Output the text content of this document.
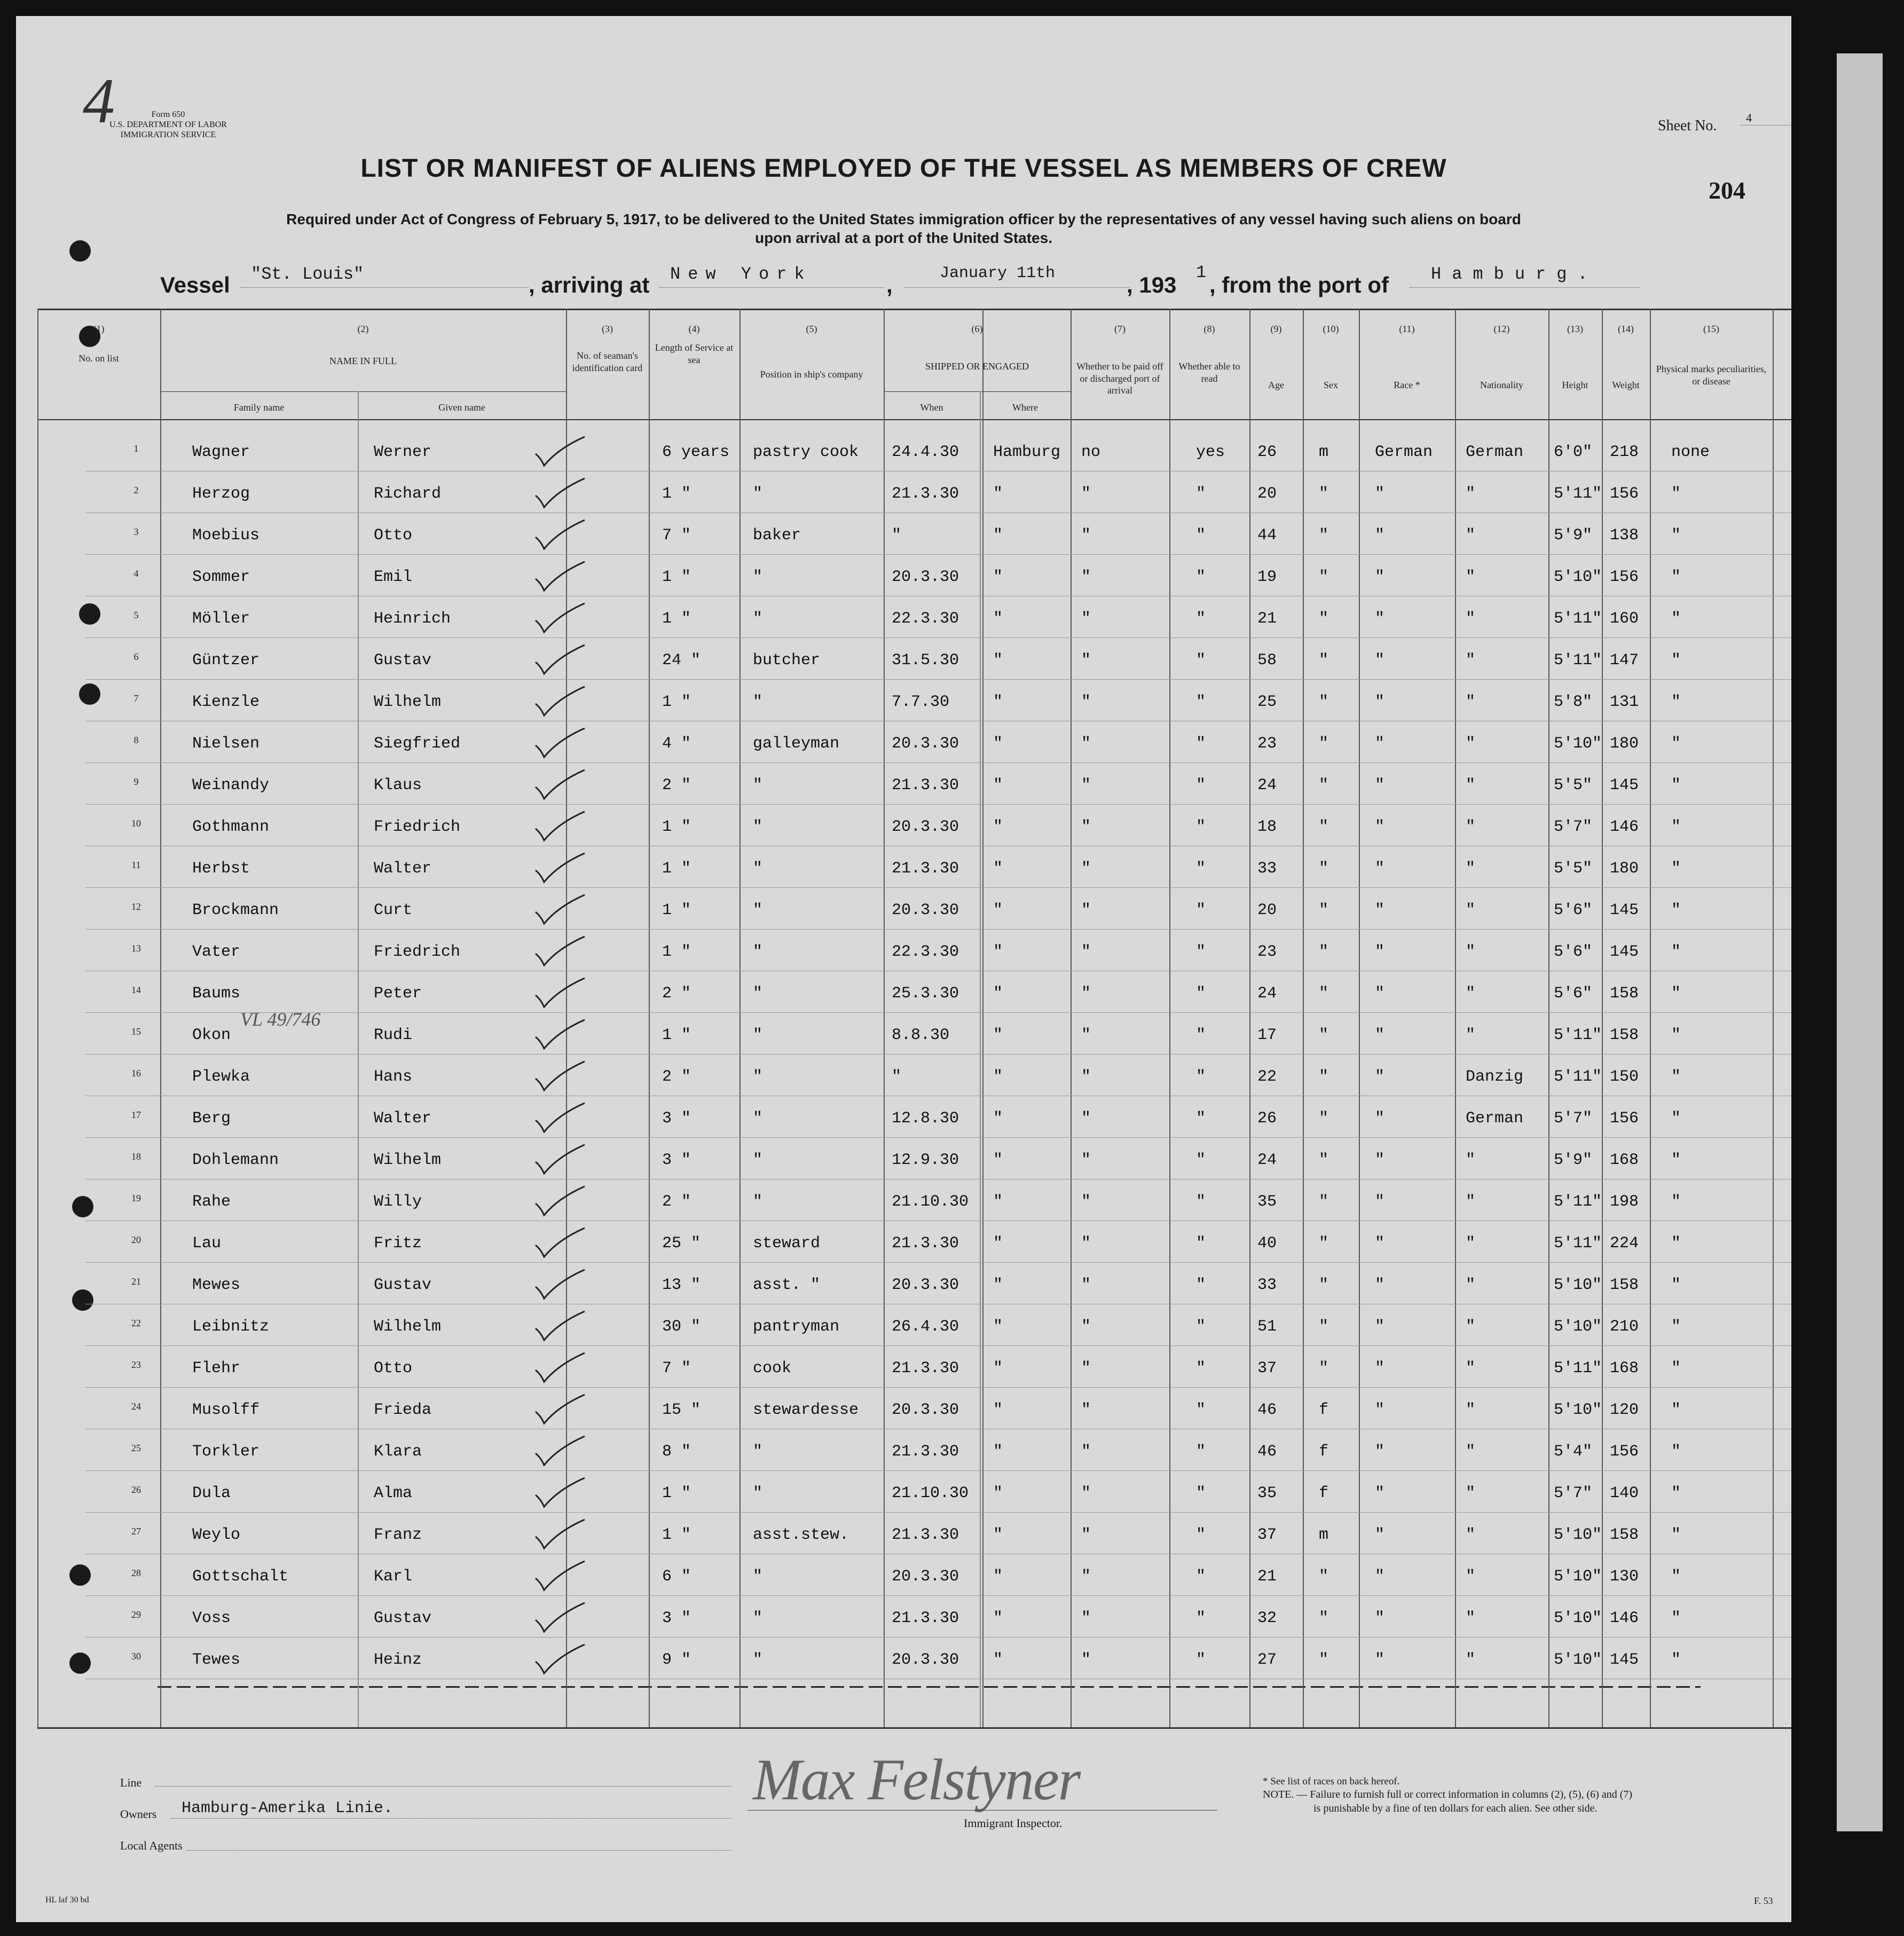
3
4	Form 650
U.S. DEPARTMENT OF LABOR
IMMIGRATION SERVICE
Sheet No.	4
204
LIST OR MANIFEST OF ALIENS EMPLOYED OF THE VESSEL AS MEMBERS OF CREW
Required under Act of Congress of February 5, 1917, to be delivered to the United States immigration officer by the representatives of any vessel having such aliens on board
upon arrival at a port of the United States.
Vessel "St. Louis"	, arriving at New York	,	January 11th	, 193 1 , from the port of Hamburg.
(1)
No. on list
(2)
NAME IN FULL
(3)
No. of seaman's identification card
(4)
Length of Service at sea
(5)
Position in ship's company
(6)
SHIPPED OR ENGAGED
(7)
Whether to be paid off or discharged port of arrival
(8)
Whether able to read
(9)
Age
(10)
Sex
(11)
Race *
(12)
Nationality
(13)
Height
(14)
Weight
(15)
Physical marks peculiarities, or disease
Family name	Given name	When	Where
1	Wagner	Werner	6 years pastry cook 24.4.30 Hamburg no	yes 26	m	German German 6'0" 218 none
2	Herzog	Richard	1 "	"	21.3.30 "	"	"	20	"	"	"	5'11" 156 "
3	Moebius	Otto	7 "	baker	"	"	"	"	44	"	"	"	5'9" 138 "
4	Sommer	Emil	1 "	"	20.3.30 "	"	"	19	"	"	"	5'10" 156 "
5	Möller	Heinrich	1 "	"	22.3.30 "	"	"	21	"	"	"	5'11" 160 "
6	Güntzer	Gustav	24 "	butcher	31.5.30 "	"	"	58	"	"	"	5'11" 147 "
7	Kienzle	Wilhelm	1 "	"	7.7.30	"	"	"	25	"	"	"	5'8" 131 "
8	Nielsen	Siegfried	4 "	galleyman	20.3.30 "	"	"	23	"	"	"	5'10" 180 "
9	Weinandy	Klaus	2 "	"	21.3.30 "	"	"	24	"	"	"	5'5" 145 "
10	Gothmann	Friedrich	1 "	"	20.3.30 "	"	"	18	"	"	"	5'7" 146 "
11	Herbst	Walter	1 "	"	21.3.30 "	"	"	33	"	"	"	5'5" 180 "
12	Brockmann	Curt	1 "	"	20.3.30 "	"	"	20	"	"	"	5'6" 145 "
13	Vater	Friedrich	1 "	"	22.3.30 "	"	"	23	"	"	"	5'6" 145 "
14	Baums	Peter	2 "	"	25.3.30 "	"	"	24	"	"	"	5'6" 158 "
15	Okon	Rudi	1 "	"	8.8.30	"	"	"	17	"	"	"	5'11" 158 "
16	Plewka	Hans	2 "	"	"	"	"	"	22	"	"	Danzig 5'11" 150 "
17	Berg	Walter	3 "	"	12.8.30 "	"	"	26	"	"	German 5'7" 156 "
18	Dohlemann	Wilhelm	3 "	"	12.9.30 "	"	"	24	"	"	"	5'9" 168 "
19	Rahe	Willy	2 "	"	21.10.30 "	"	"	35	"	"	"	5'11" 198 "
20	Lau	Fritz	25 "	steward	21.3.30 "	"	"	40	"	"	"	5'11" 224 "
21	Mewes	Gustav	13 "	asst. "	20.3.30 "	"	"	33	"	"	"	5'10" 158 "
22	Leibnitz	Wilhelm	30 "	pantryman	26.4.30 "	"	"	51	"	"	"	5'10" 210 "
23	Flehr	Otto	7 "	cook	21.3.30 "	"	"	37	"	"	"	5'11" 168 "
24	Musolff	Frieda	15 "	stewardesse 20.3.30 "	"	"	46	f	"	"	5'10" 120 "
25	Torkler	Klara	8 "	"	21.3.30 "	"	"	46	f	"	"	5'4" 156 "
26	Dula	Alma	1 "	"	21.10.30 "	"	"	35	f	"	"	5'7" 140 "
27	Weylo	Franz	1 "	asst.stew.	21.3.30 "	"	"	37	m	"	"	5'10" 158 "
28	Gottschalt	Karl	6 "	"	20.3.30 "	"	"	21	"	"	"	5'10" 130 "
29	Voss	Gustav	3 "	"	21.3.30 "	"	"	32	"	"	"	5'10" 146 "
30	Tewes	Heinz	9 "	"	20.3.30 "	"	"	27	"	"	"	5'10" 145 "
VL 49/746
Line
Owners Hamburg-Amerika Linie.
Local Agents
Max Felstyner
Immigrant Inspector.
* See list of races on back hereof.
NOTE. — Failure to furnish full or correct information in columns (2), (5), (6) and (7)
is punishable by a fine of ten dollars for each alien. See other side.
HL laf 30 bd	F. 53
